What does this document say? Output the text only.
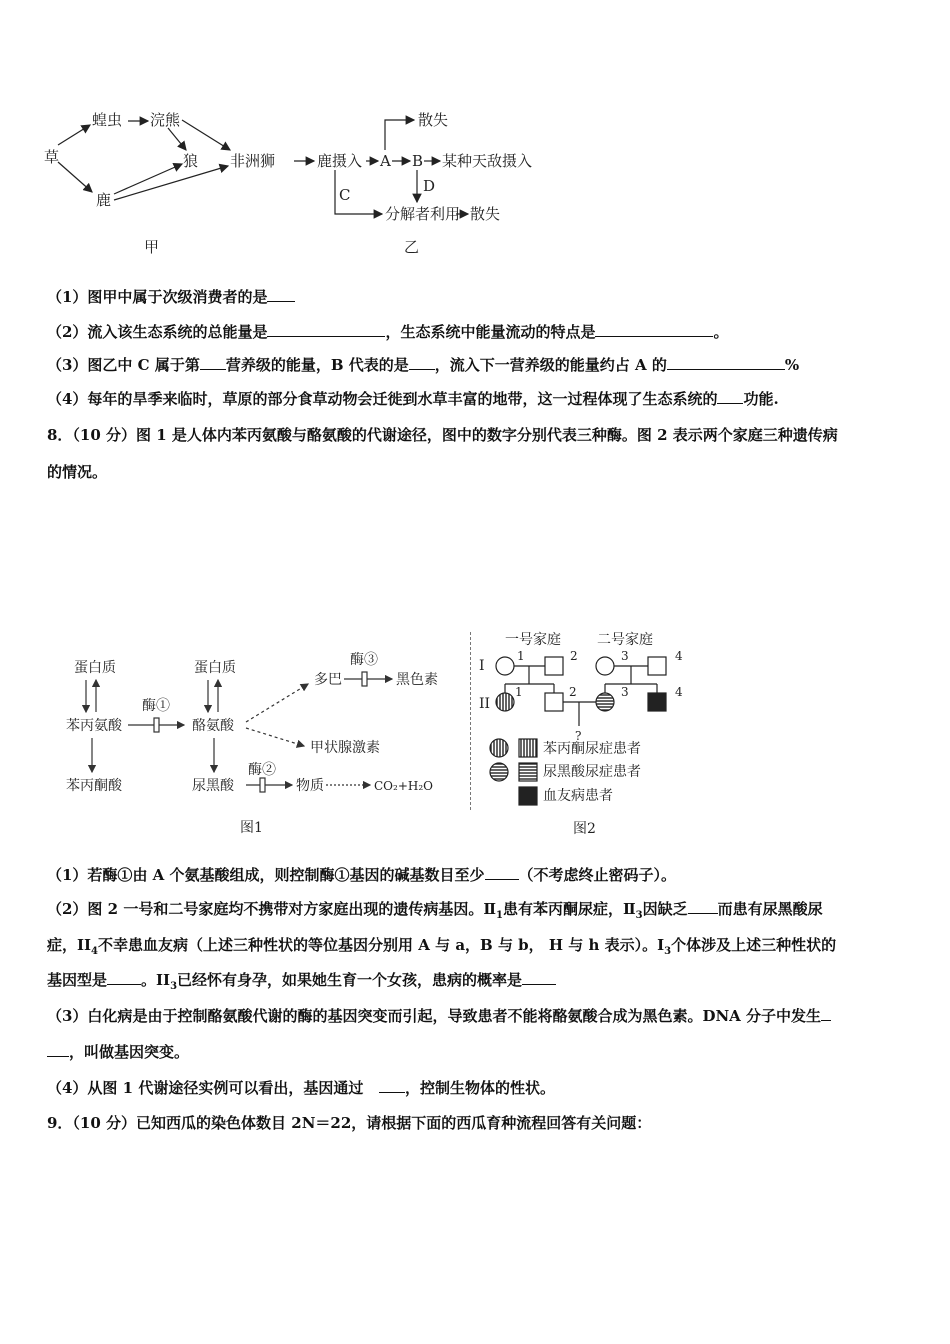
草
蝗虫 浣熊
狼
鹿
非洲狮
甲
鹿摄入 A B 某种天敌摄入
散失
C	D
分解者利用 散失
乙
（1）图甲中属于次级消费者的是
（2）流入该生态系统的总能量是	，生态系统中能量流动的特点是	。
（3）图乙中 C 属于第 营养级的能量，B 代表的是 ，流入下一营养级的能量约占 A 的	%
（4）每年的旱季来临时，草原的部分食草动物会迁徙到水草丰富的地带，这一过程体现了生态系统的 功能.
8．（10 分）图 1 是人体内苯丙氨酸与酪氨酸的代谢途径，图中的数字分别代表三种酶。图 2 表示两个家庭三种遗传病
的情况。
蛋白质
苯丙氨酸
苯丙酮酸
酶①
蛋白质
酪氨酸
尿黑酸
多巴
酶③
黑色素
甲状腺激素
酶②
物质	CO₂+H₂O
图1
一号家庭	二号家庭
I
II
1	2	3	4
1	2	3	4
?
苯丙酮尿症患者
尿黑酸尿症患者
血友病患者
图2
（1）若酶①由 A 个氨基酸组成，则控制酶①基因的碱基数目至少 （不考虑终止密码子）。
（2）图 2 一号和二号家庭均不携带对方家庭出现的遗传病基因。$Ⅱ_1$患有苯丙酮尿症，$Ⅱ_3$因缺乏 而患有尿黑酸尿
症，$II_4$不幸患血友病（上述三种性状的等位基因分别用 A 与 a，B 与 b， H 与 h 表示）。$I_3$个体涉及上述三种性状的
基因型是 。$II_3$已经怀有身孕，如果她生育一个女孩，患病的概率是
（3）白化病是由于控制酪氨酸代谢的酶的基因突变而引起，导致患者不能将酪氨酸合成为黑色素。DNA 分子中发生
，叫做基因突变。
（4）从图 1 代谢途径实例可以看出，基因通过	，控制生物体的性状。
9．（10 分）已知西瓜的染色体数目 2N＝22，请根据下面的西瓜育种流程回答有关问题：
